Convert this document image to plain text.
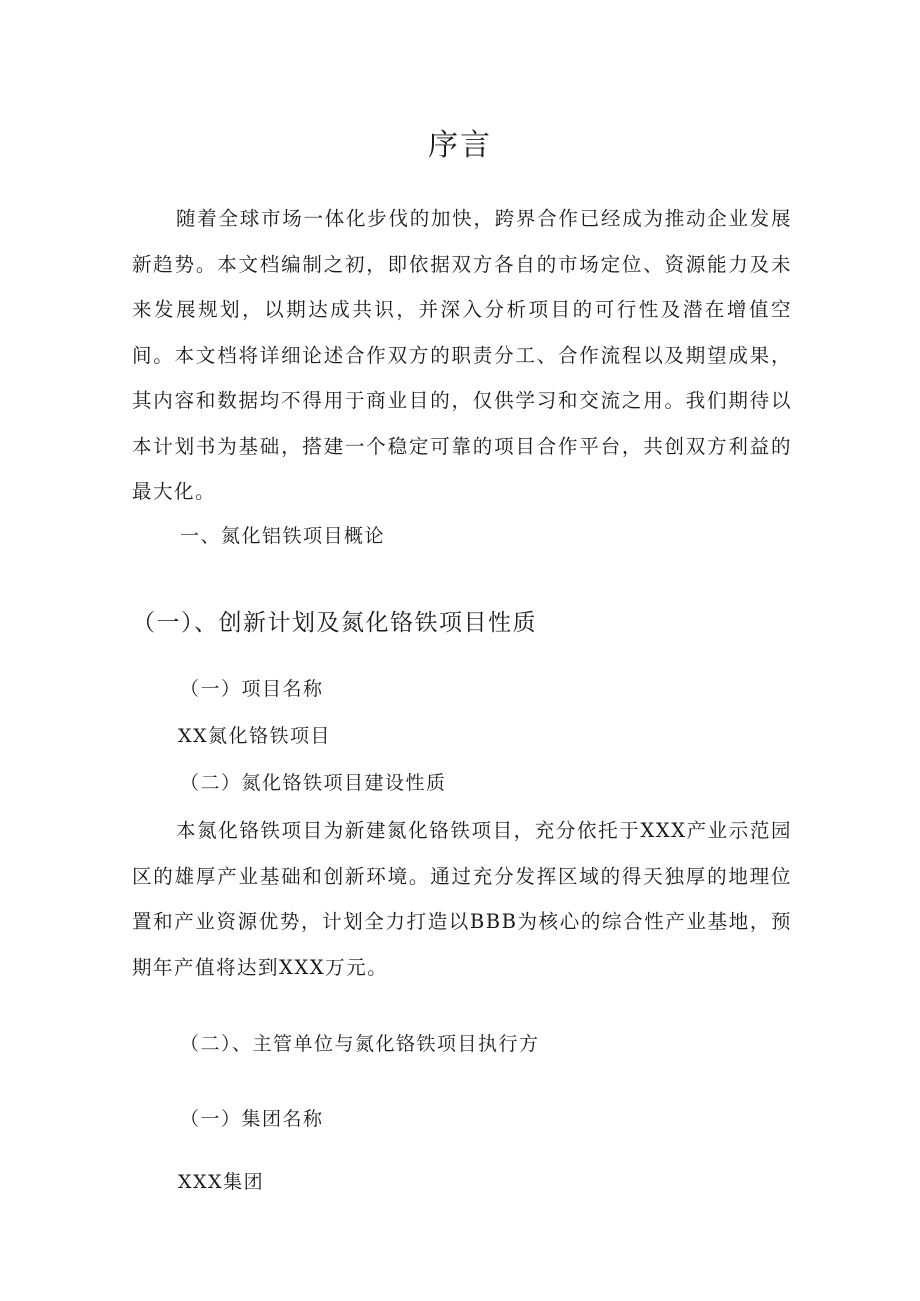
序言

随着全球市场一体化步伐的加快，跨界合作已经成为推动企业发展新趋势。本文档编制之初，即依据双方各自的市场定位、资源能力及未来发展规划，以期达成共识，并深入分析项目的可行性及潜在增值空间。本文档将详细论述合作双方的职责分工、合作流程以及期望成果，其内容和数据均不得用于商业目的，仅供学习和交流之用。我们期待以本计划书为基础，搭建一个稳定可靠的项目合作平台，共创双方利益的最大化。

一、氮化铝铁项目概论
（一）、创新计划及氮化铬铁项目性质

（一）项目名称

XX氮化铬铁项目

（二）氮化铬铁项目建设性质

本氮化铬铁项目为新建氮化铬铁项目，充分依托于XXX产业示范园区的雄厚产业基础和创新环境。通过充分发挥区域的得天独厚的地理位置和产业资源优势，计划全力打造以BBB为核心的综合性产业基地，预期年产值将达到XXX万元。

（二）、主管单位与氮化铬铁项目执行方

（一）集团名称

XXX集团
